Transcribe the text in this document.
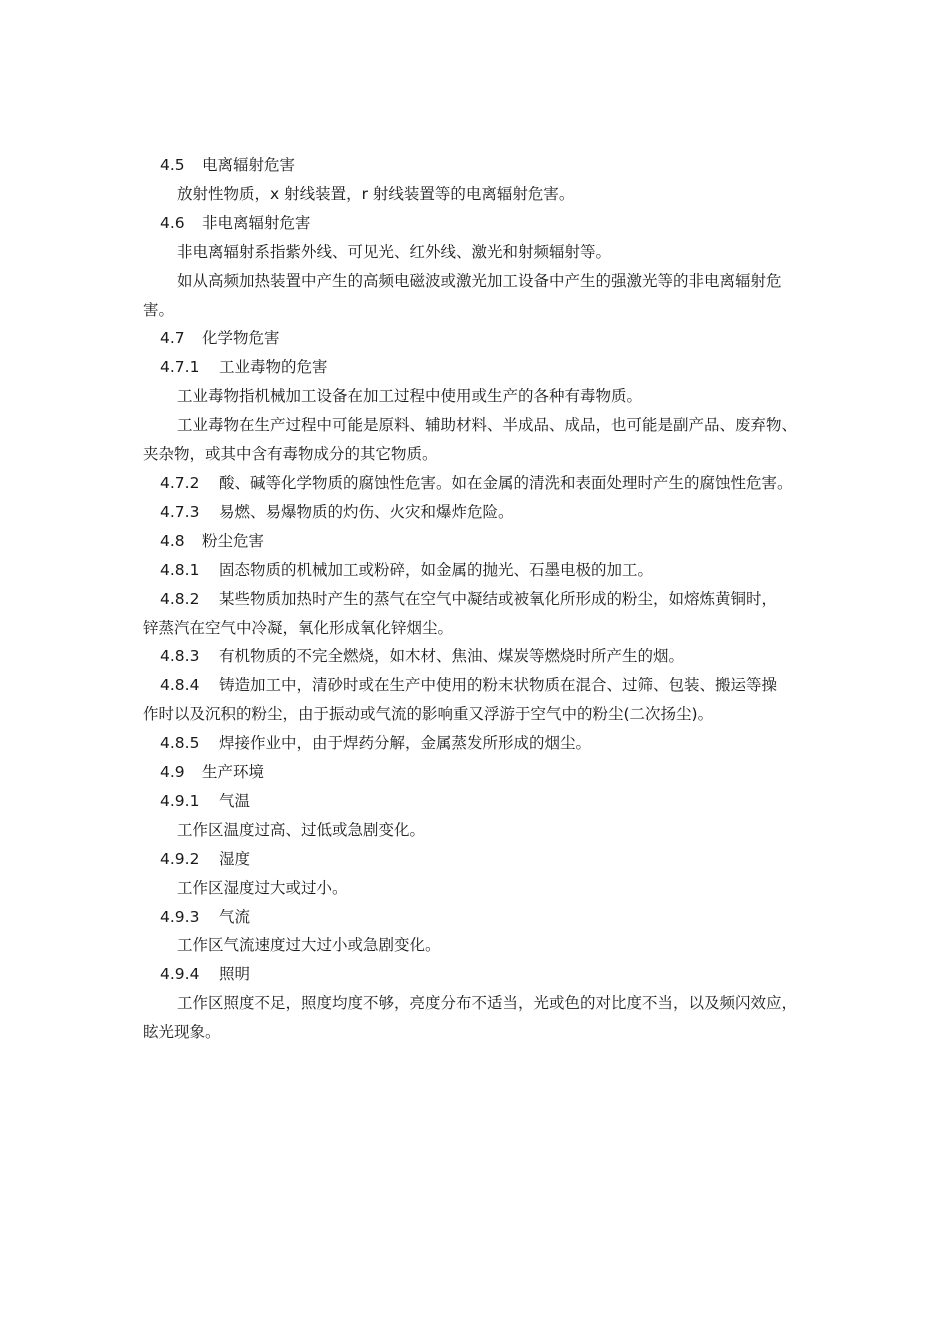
4.5 电离辐射危害
放射性物质，x 射线装置，r 射线装置等的电离辐射危害。
4.6 非电离辐射危害
非电离辐射系指紫外线、可见光、红外线、激光和射频辐射等。
如从高频加热装置中产生的高频电磁波或激光加工设备中产生的强激光等的非电离辐射危
害。
4.7 化学物危害
4.7.1 工业毒物的危害
工业毒物指机械加工设备在加工过程中使用或生产的各种有毒物质。
工业毒物在生产过程中可能是原料、辅助材料、半成品、成品，也可能是副产品、废弃物、
夹杂物，或其中含有毒物成分的其它物质。
4.7.2 酸、碱等化学物质的腐蚀性危害。如在金属的清洗和表面处理时产生的腐蚀性危害。
4.7.3 易燃、易爆物质的灼伤、火灾和爆炸危险。
4.8 粉尘危害
4.8.1 固态物质的机械加工或粉碎，如金属的抛光、石墨电极的加工。
4.8.2 某些物质加热时产生的蒸气在空气中凝结或被氧化所形成的粉尘，如熔炼黄铜时，
锌蒸汽在空气中冷凝，氧化形成氧化锌烟尘。
4.8.3 有机物质的不完全燃烧，如木材、焦油、煤炭等燃烧时所产生的烟。
4.8.4 铸造加工中，清砂时或在生产中使用的粉末状物质在混合、过筛、包装、搬运等操
作时以及沉积的粉尘，由于振动或气流的影响重又浮游于空气中的粉尘(二次扬尘)。
4.8.5 焊接作业中，由于焊药分解，金属蒸发所形成的烟尘。
4.9 生产环境
4.9.1 气温
工作区温度过高、过低或急剧变化。
4.9.2 湿度
工作区湿度过大或过小。
4.9.3 气流
工作区气流速度过大过小或急剧变化。
4.9.4 照明
工作区照度不足，照度均度不够，亮度分布不适当，光或色的对比度不当，以及频闪效应，
眩光现象。
